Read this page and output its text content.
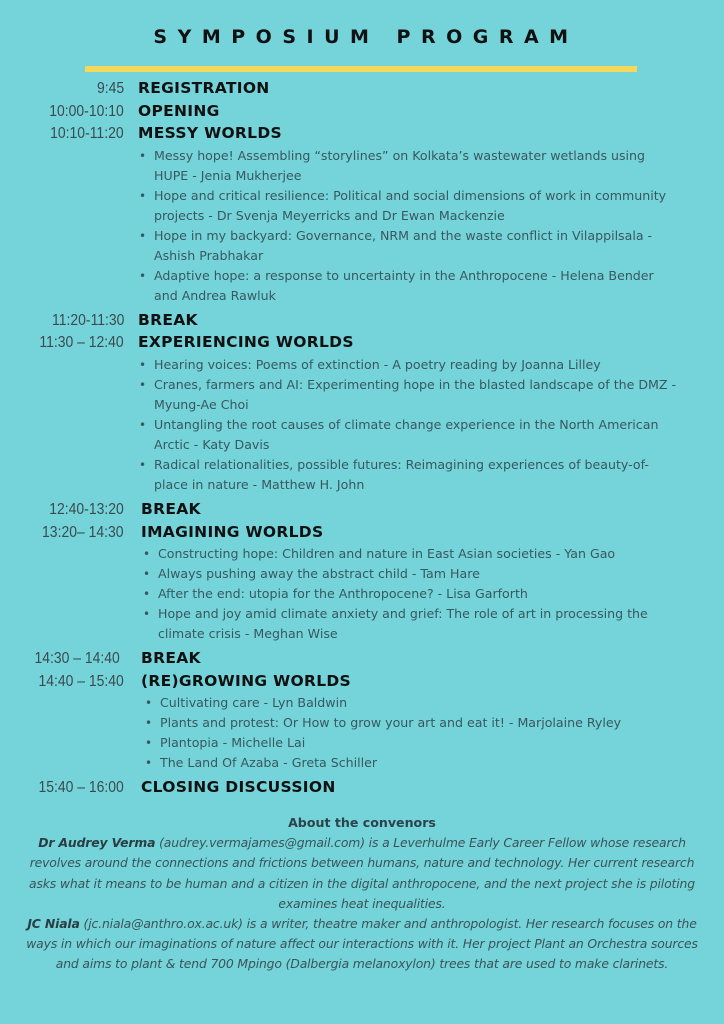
SYMPOSIUM PROGRAM
9:45 REGISTRATION
10:00-10:10 OPENING
10:10-11:20 MESSY WORLDS
• Messy hope! Assembling “storylines” on Kolkata’s wastewater wetlands using HUPE - Jenia Mukherjee
• Hope and critical resilience: Political and social dimensions of work in community projects - Dr Svenja Meyerricks and Dr Ewan Mackenzie
• Hope in my backyard: Governance, NRM and the waste conflict in Vilappilsala - Ashish Prabhakar
• Adaptive hope: a response to uncertainty in the Anthropocene - Helena Bender and Andrea Rawluk
11:20-11:30 BREAK
11:30 – 12:40 EXPERIENCING WORLDS
• Hearing voices: Poems of extinction - A poetry reading by Joanna Lilley
• Cranes, farmers and AI: Experimenting hope in the blasted landscape of the DMZ - Myung-Ae Choi
• Untangling the root causes of climate change experience in the North American Arctic - Katy Davis
• Radical relationalities, possible futures: Reimagining experiences of beauty-of-place in nature - Matthew H. John
12:40-13:20 BREAK
13:20– 14:30 IMAGINING WORLDS
• Constructing hope: Children and nature in East Asian societies - Yan Gao
• Always pushing away the abstract child - Tam Hare
• After the end: utopia for the Anthropocene? - Lisa Garforth
• Hope and joy amid climate anxiety and grief: The role of art in processing the climate crisis - Meghan Wise
14:30 – 14:40 BREAK
14:40 – 15:40 (RE)GROWING WORLDS
• Cultivating care - Lyn Baldwin
• Plants and protest: Or How to grow your art and eat it! - Marjolaine Ryley
• Plantopia - Michelle Lai
• The Land Of Azaba - Greta Schiller
15:40 – 16:00 CLOSING DISCUSSION
About the convenors

Dr Audrey Verma (audrey.vermajames@gmail.com) is a Leverhulme Early Career Fellow whose research revolves around the connections and frictions between humans, nature and technology. Her current research asks what it means to be human and a citizen in the digital anthropocene, and the next project she is piloting examines heat inequalities.

JC Niala (jc.niala@anthro.ox.ac.uk) is a writer, theatre maker and anthropologist. Her research focuses on the ways in which our imaginations of nature affect our interactions with it. Her project Plant an Orchestra sources and aims to plant & tend 700 Mpingo (Dalbergia melanoxylon) trees that are used to make clarinets.
